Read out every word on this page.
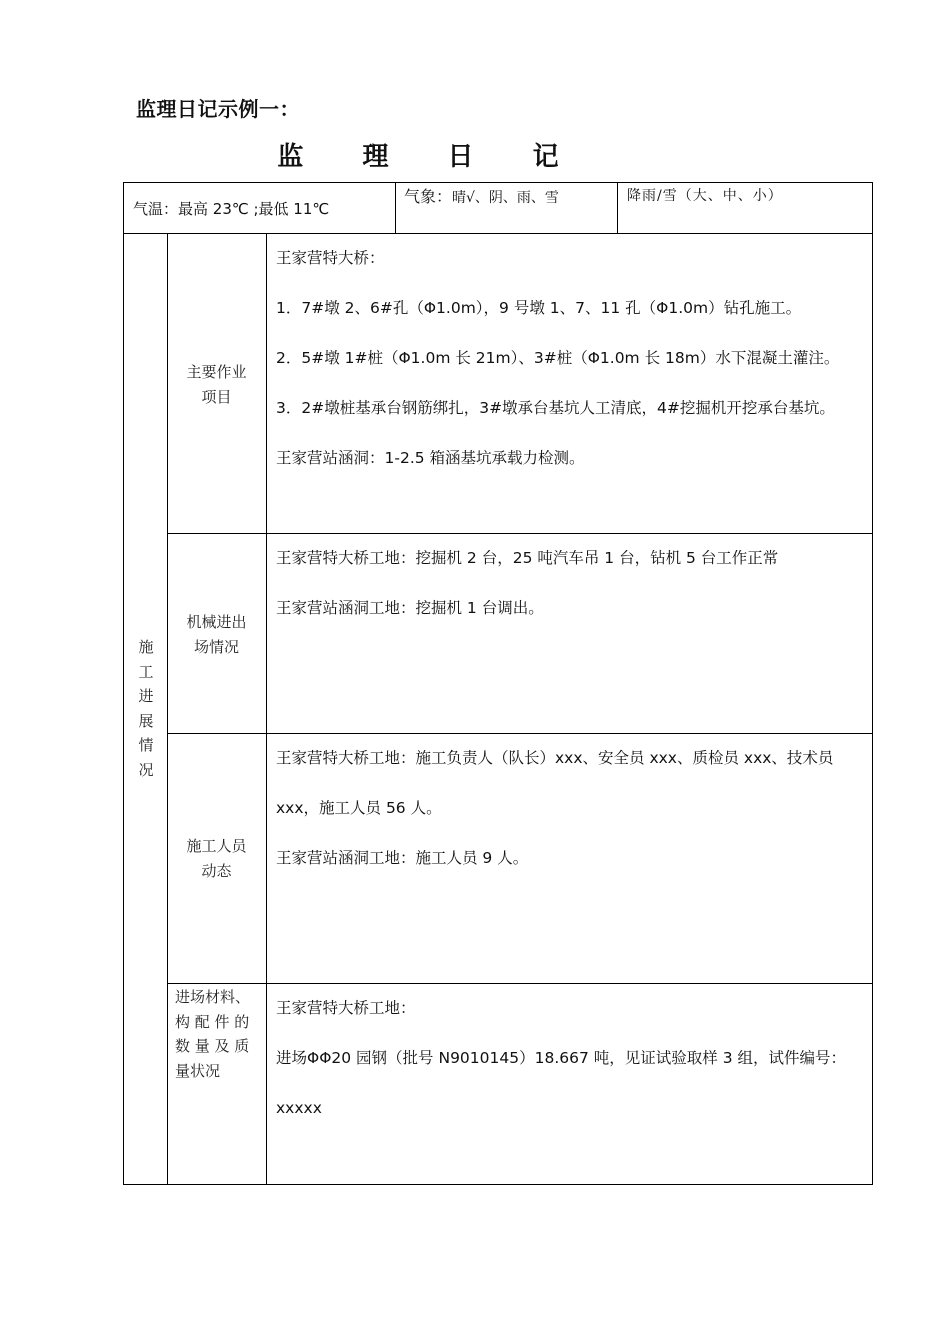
监理日记示例一：
监 理 日 记
气温：最高 23℃ ;最低 11℃
气象：晴√、阴、雨、雪	降雨/雪（大、中、小）
施
工
进
展
情
况
主要作业
项目

王家营特大桥：

1．7#墩 2、6#孔（Φ1.0m），9 号墩 1、7、11 孔（Φ1.0m）钻孔施工。

2．5#墩 1#桩（Φ1.0m 长 21m）、3#桩（Φ1.0m 长 18m）水下混凝土灌注。

3．2#墩桩基承台钢筋绑扎，3#墩承台基坑人工清底，4#挖掘机开挖承台基坑。

王家营站涵洞：1-2.5 箱涵基坑承载力检测。

机械进出
场情况

王家营特大桥工地：挖掘机 2 台，25 吨汽车吊 1 台，钻机 5 台工作正常

王家营站涵洞工地：挖掘机 1 台调出。

施工人员
动态

王家营特大桥工地：施工负责人（队长）xxx、安全员 xxx、质检员 xxx、技术员

xxx，施工人员 56 人。

王家营站涵洞工地：施工人员 9 人。

进场材料、
构 配 件 的
数 量 及 质
量状况

王家营特大桥工地：

进场ΦΦ20 园钢（批号 N9010145）18.667 吨，见证试验取样 3 组，试件编号：

xxxxx
